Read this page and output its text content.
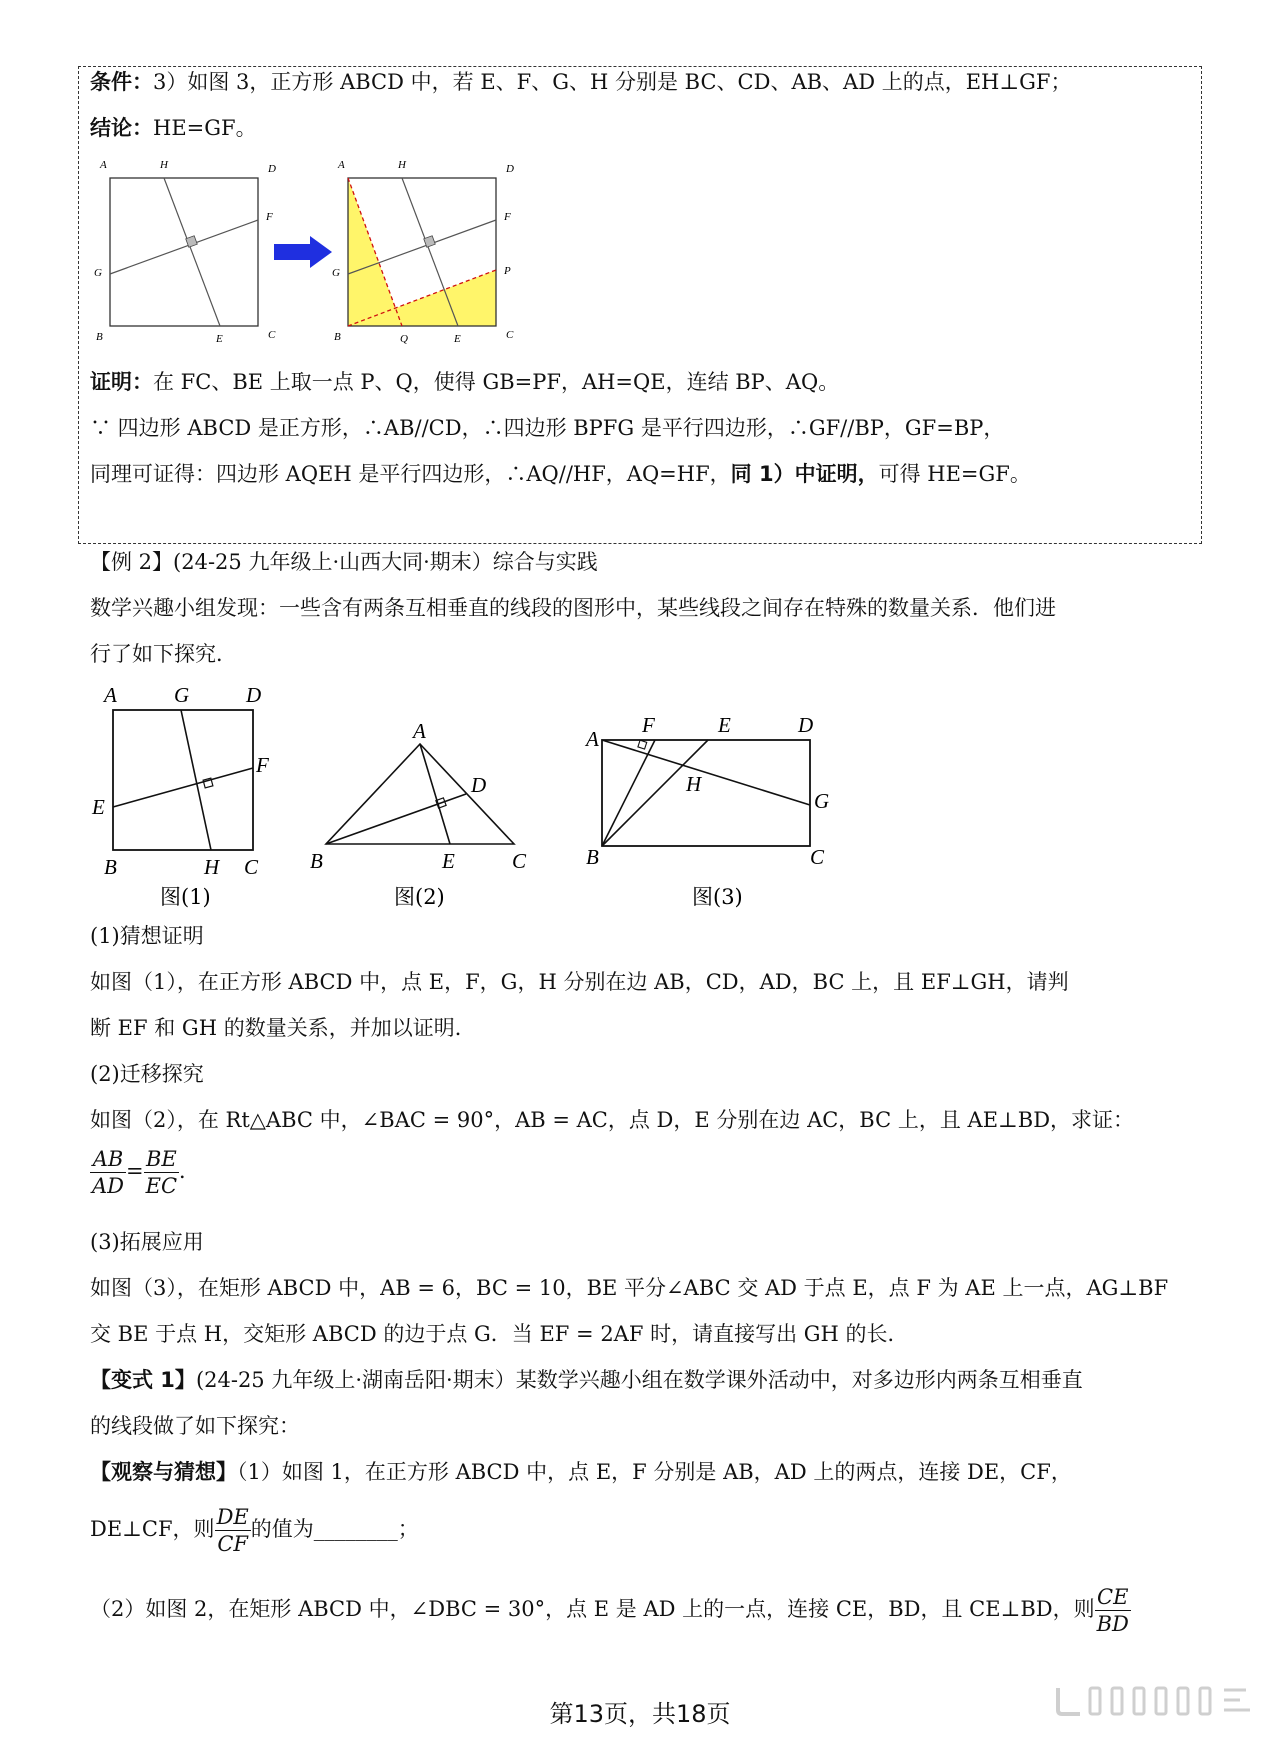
条件：3）如图 3，正方形 ABCD 中，若 E、F、G、H 分别是 BC、CD、AB、AD 上的点，EH⊥GF；
结论：HE=GF。
A	H	D
F
G
B	E	C
A	H	D
F
P
G
B	Q	E	C
证明：在 FC、BE 上取一点 P、Q，使得 GB=PF，AH=QE，连结 BP、AQ。
∵ 四边形 ABCD 是正方形，∴AB//CD，∴四边形 BPFG 是平行四边形，∴GF//BP，GF=BP，
同理可证得：四边形 AQEH 是平行四边形，∴AQ//HF，AQ=HF，同 1）中证明，可得 HE=GF。
【例 2】(24-25 九年级上·山西大同·期末）综合与实践
数学兴趣小组发现：一些含有两条互相垂直的线段的图形中，某些线段之间存在特殊的数量关系．他们进
行了如下探究．
A	G	D
F
E
B	H C
图(1)
A
D
B	E	C
图(2)
A
F	E	D
H
G
B	C
图(3)
(1)猜想证明
如图（1），在正方形 ABCD 中，点 E，F，G，H 分别在边 AB，CD，AD，BC 上，且 EF⊥GH，请判
断 EF 和 GH 的数量关系，并加以证明．
(2)迁移探究
如图（2），在 Rt△ABC 中，∠BAC = 90°，AB = AC，点 D，E 分别在边 AC，BC 上，且 AE⊥BD，求证：
$\frac{AB}{AD} = \frac{BE}{EC}$ ．
(3)拓展应用
如图（3），在矩形 ABCD 中，AB = 6，BC = 10，BE 平分∠ABC 交 AD 于点 E，点 F 为 AE 上一点，AG⊥BF
交 BE 于点 H，交矩形 ABCD 的边于点 G．当 EF = 2AF 时，请直接写出 GH 的长．
【变式 1】(24-25 九年级上·湖南岳阳·期末）某数学兴趣小组在数学课外活动中，对多边形内两条互相垂直
的线段做了如下探究：
【观察与猜想】（1）如图 1，在正方形 ABCD 中，点 E，F 分别是 AB，AD 上的两点，连接 DE，CF，
DE⊥CF，则 $\frac{DE}{CF}$ 的值为________；
（2）如图 2，在矩形 ABCD 中，∠DBC = 30°，点 E 是 AD 上的一点，连接 CE，BD，且 CE⊥BD，则 $\frac{CE}{BD}$
第13页，共18页
